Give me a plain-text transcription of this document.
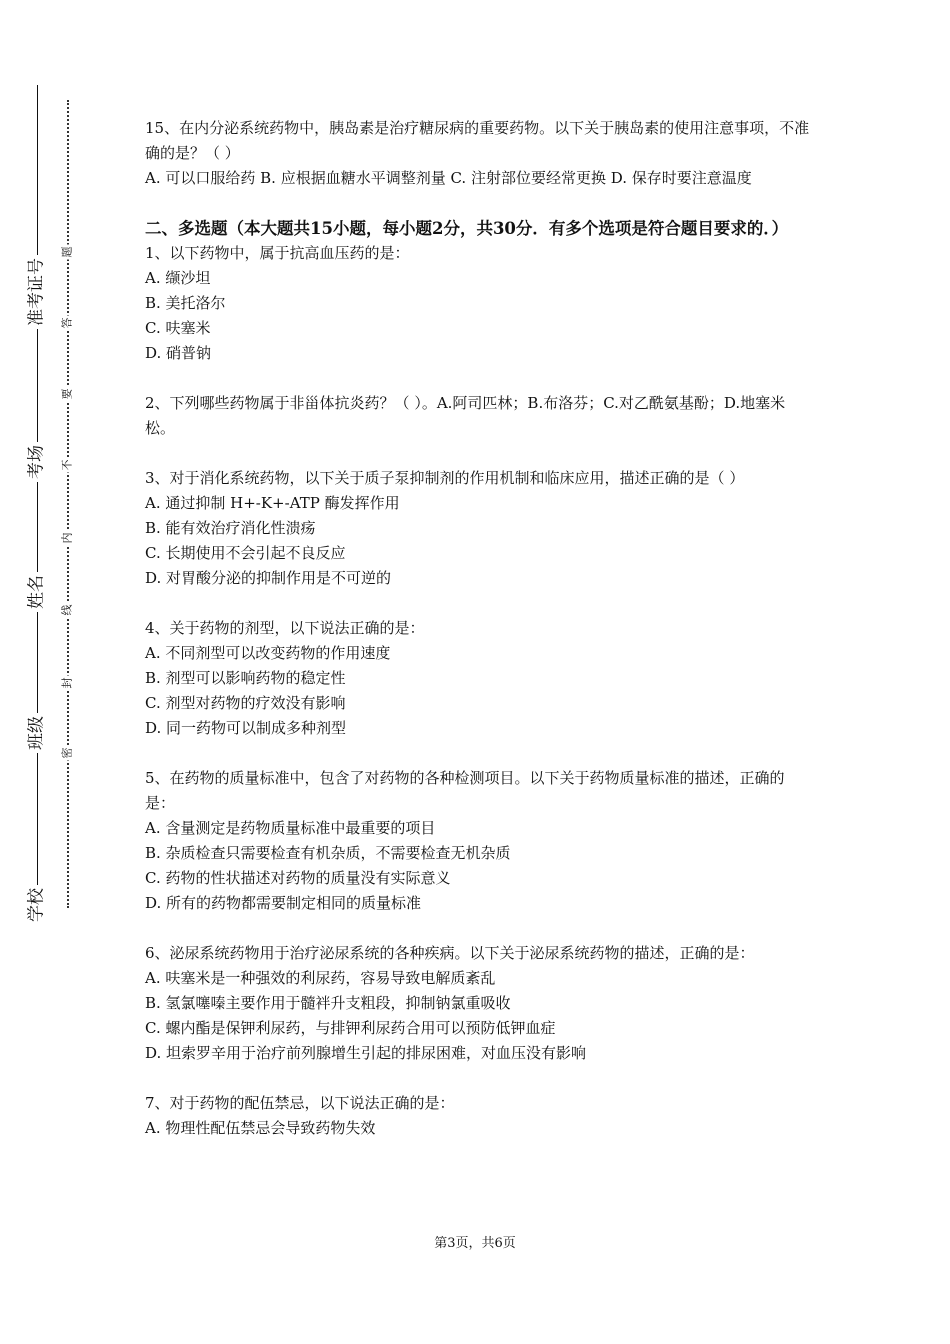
准考证号
考场
姓名
班级
学校
题
答
要
不
内
线
封
密

15、在内分泌系统药物中，胰岛素是治疗糖尿病的重要药物。以下关于胰岛素的使用注意事项，不准确的是？（ ）

A. 可以口服给药 B. 应根据血糖水平调整剂量 C. 注射部位要经常更换 D. 保存时要注意温度

二、多选题（本大题共15小题，每小题2分，共30分．有多个选项是符合题目要求的．）

1、以下药物中，属于抗高血压药的是：

A. 缬沙坦

B. 美托洛尔

C. 呋塞米

D. 硝普钠

2、下列哪些药物属于非甾体抗炎药？（ ）。A.阿司匹林；B.布洛芬；C.对乙酰氨基酚；D.地塞米松。

3、对于消化系统药物，以下关于质子泵抑制剂的作用机制和临床应用，描述正确的是（ ）

A. 通过抑制 H+-K+-ATP 酶发挥作用

B. 能有效治疗消化性溃疡

C. 长期使用不会引起不良反应

D. 对胃酸分泌的抑制作用是不可逆的

4、关于药物的剂型，以下说法正确的是：

A. 不同剂型可以改变药物的作用速度

B. 剂型可以影响药物的稳定性

C. 剂型对药物的疗效没有影响

D. 同一药物可以制成多种剂型

5、在药物的质量标准中，包含了对药物的各种检测项目。以下关于药物质量标准的描述，正确的是：

A. 含量测定是药物质量标准中最重要的项目

B. 杂质检查只需要检查有机杂质，不需要检查无机杂质

C. 药物的性状描述对药物的质量没有实际意义

D. 所有的药物都需要制定相同的质量标准

6、泌尿系统药物用于治疗泌尿系统的各种疾病。以下关于泌尿系统药物的描述，正确的是：

A. 呋塞米是一种强效的利尿药，容易导致电解质紊乱

B. 氢氯噻嗪主要作用于髓袢升支粗段，抑制钠氯重吸收

C. 螺内酯是保钾利尿药，与排钾利尿药合用可以预防低钾血症

D. 坦索罗辛用于治疗前列腺增生引起的排尿困难，对血压没有影响

7、对于药物的配伍禁忌，以下说法正确的是：

A. 物理性配伍禁忌会导致药物失效

第3页，共6页
